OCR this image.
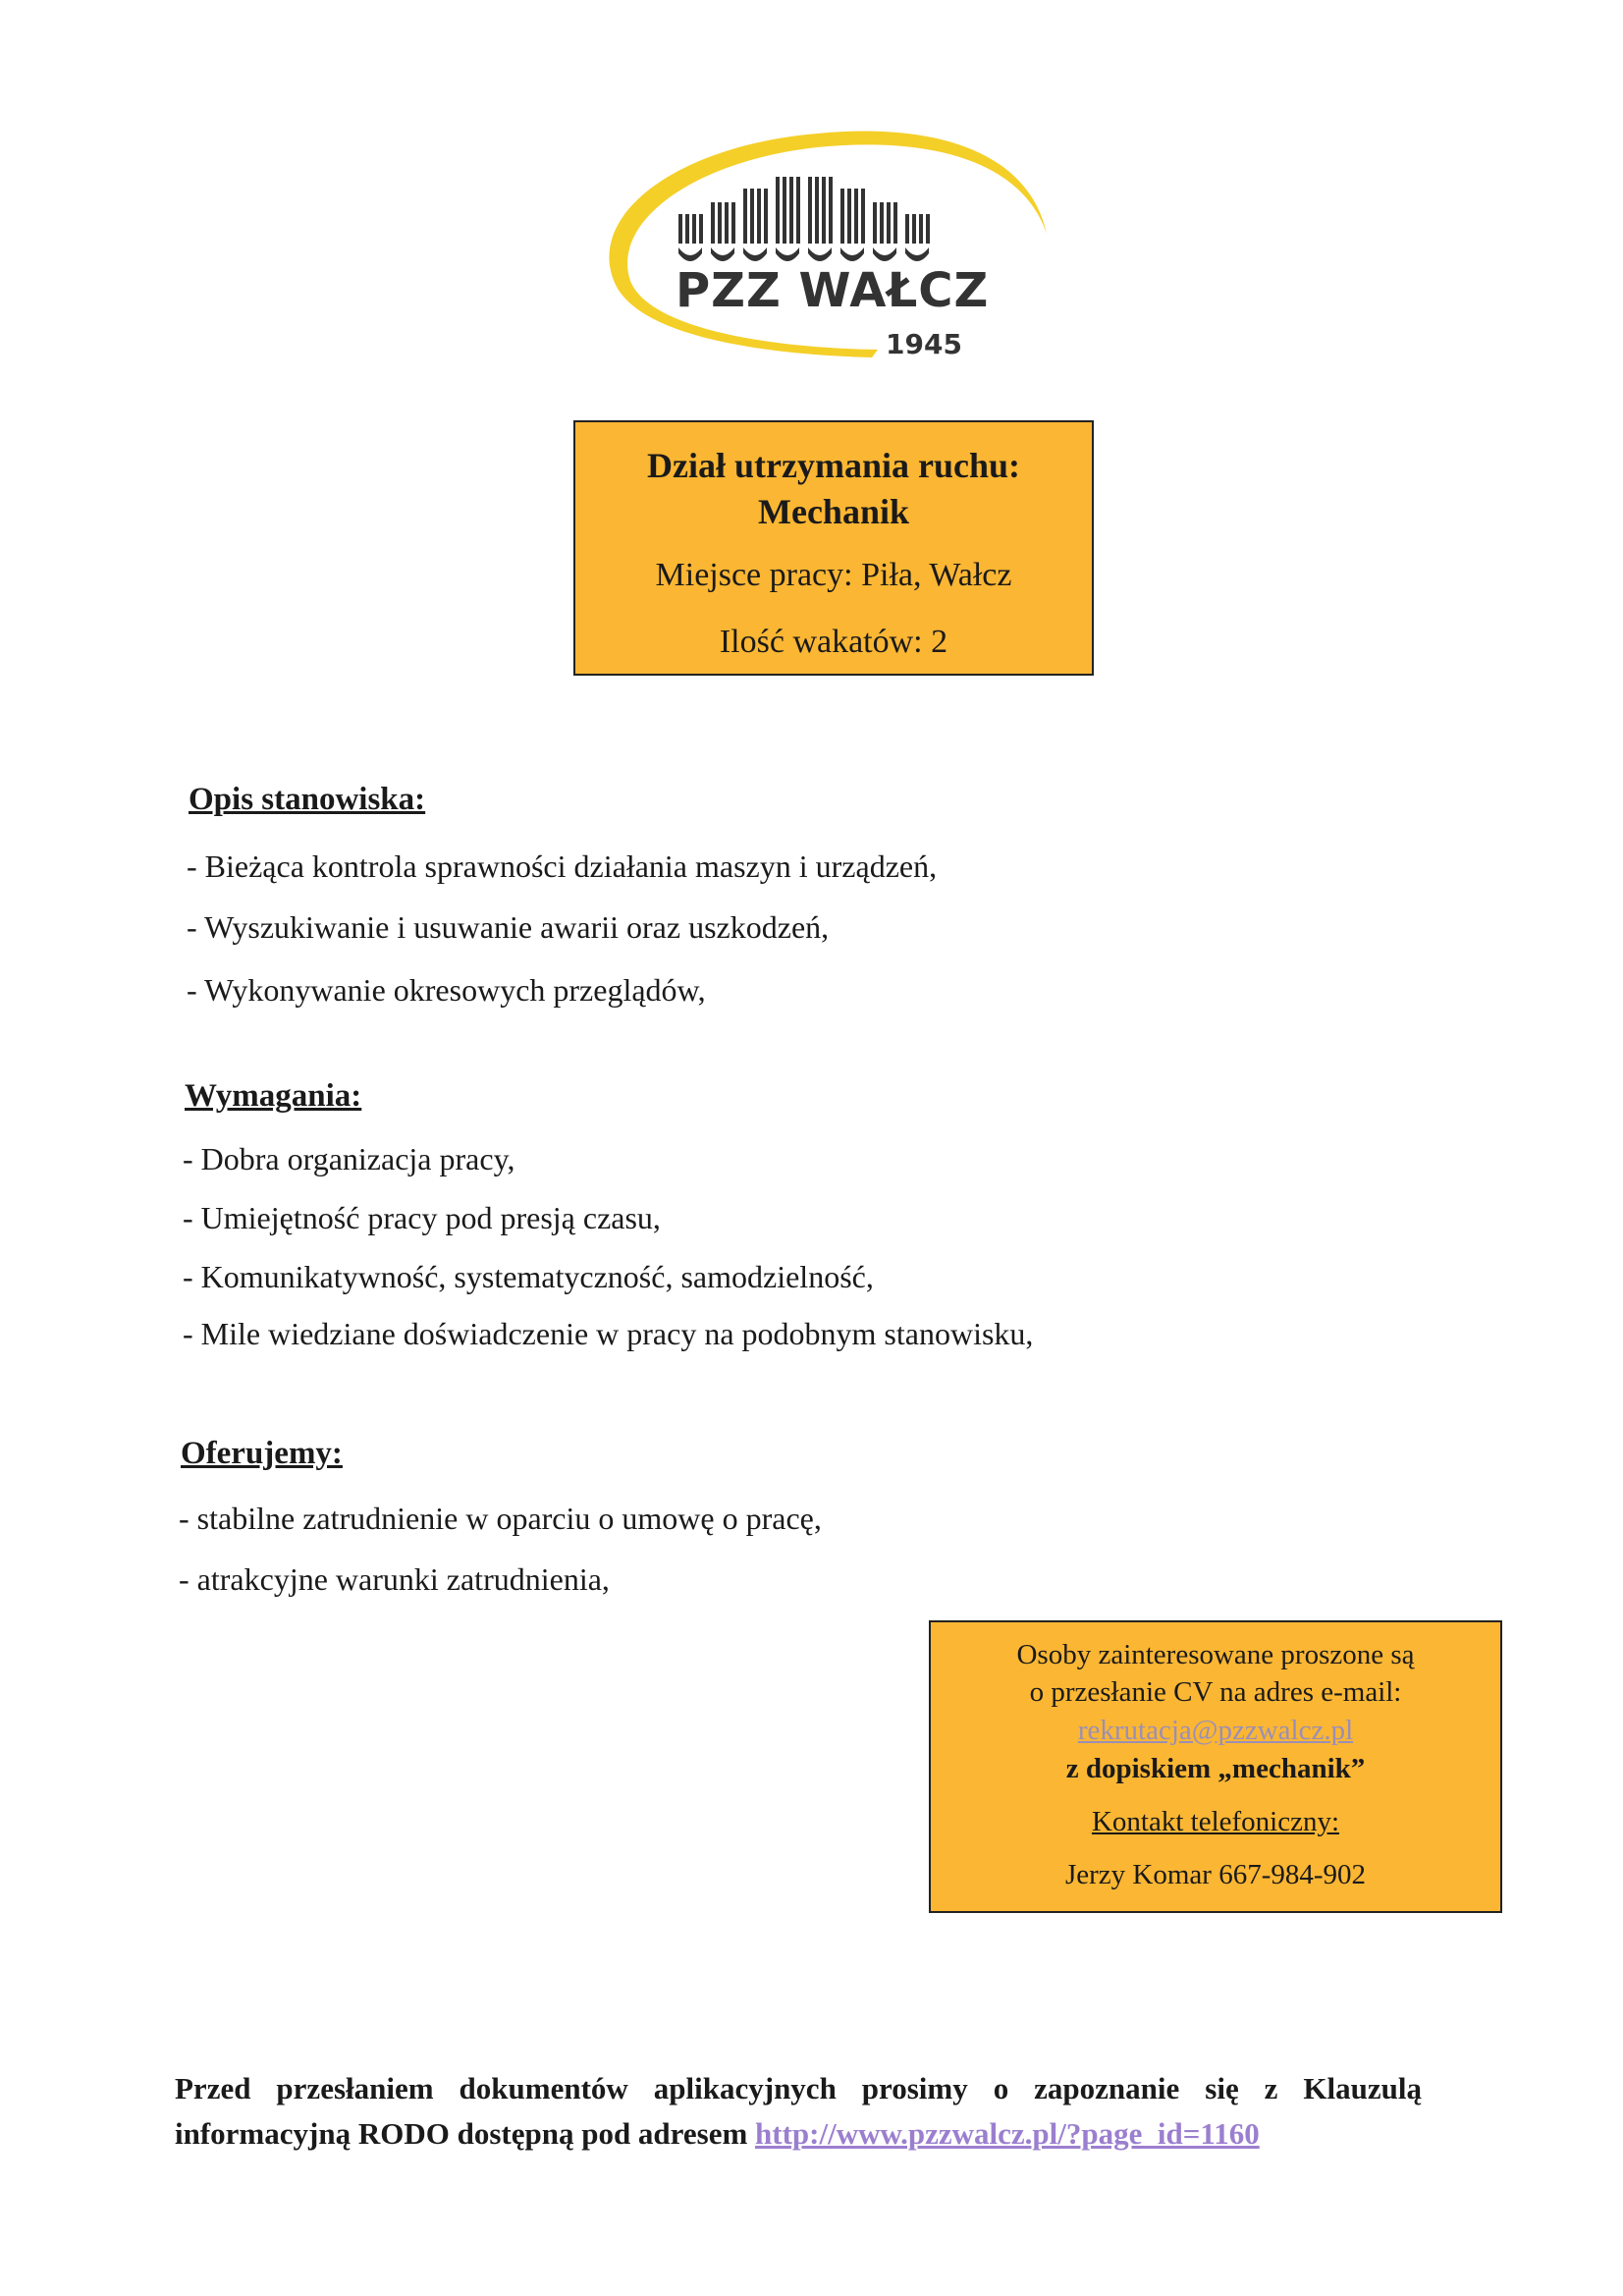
PZZ WAŁCZ
1945
Dział utrzymania ruchu:
Mechanik
Miejsce pracy: Piła, Wałcz
Ilość wakatów: 2
Opis stanowiska:
- Bieżąca kontrola sprawności działania maszyn i urządzeń,
- Wyszukiwanie i usuwanie awarii oraz uszkodzeń,
- Wykonywanie okresowych przeglądów,
Wymagania:
- Dobra organizacja pracy,
- Umiejętność pracy pod presją czasu,
- Komunikatywność, systematyczność, samodzielność,
- Mile wiedziane doświadczenie w pracy na podobnym stanowisku,
Oferujemy:
- stabilne zatrudnienie w oparciu o umowę o pracę,
- atrakcyjne warunki zatrudnienia,
Osoby zainteresowane proszone są
o przesłanie CV na adres e-mail:
rekrutacja@pzzwalcz.pl
z dopiskiem „mechanik”
Kontakt telefoniczny:
Jerzy Komar 667-984-902
Przed przesłaniem dokumentów aplikacyjnych prosimy o zapoznanie się z Klauzulą
informacyjną RODO dostępną pod adresem http://www.pzzwalcz.pl/?page_id=1160
